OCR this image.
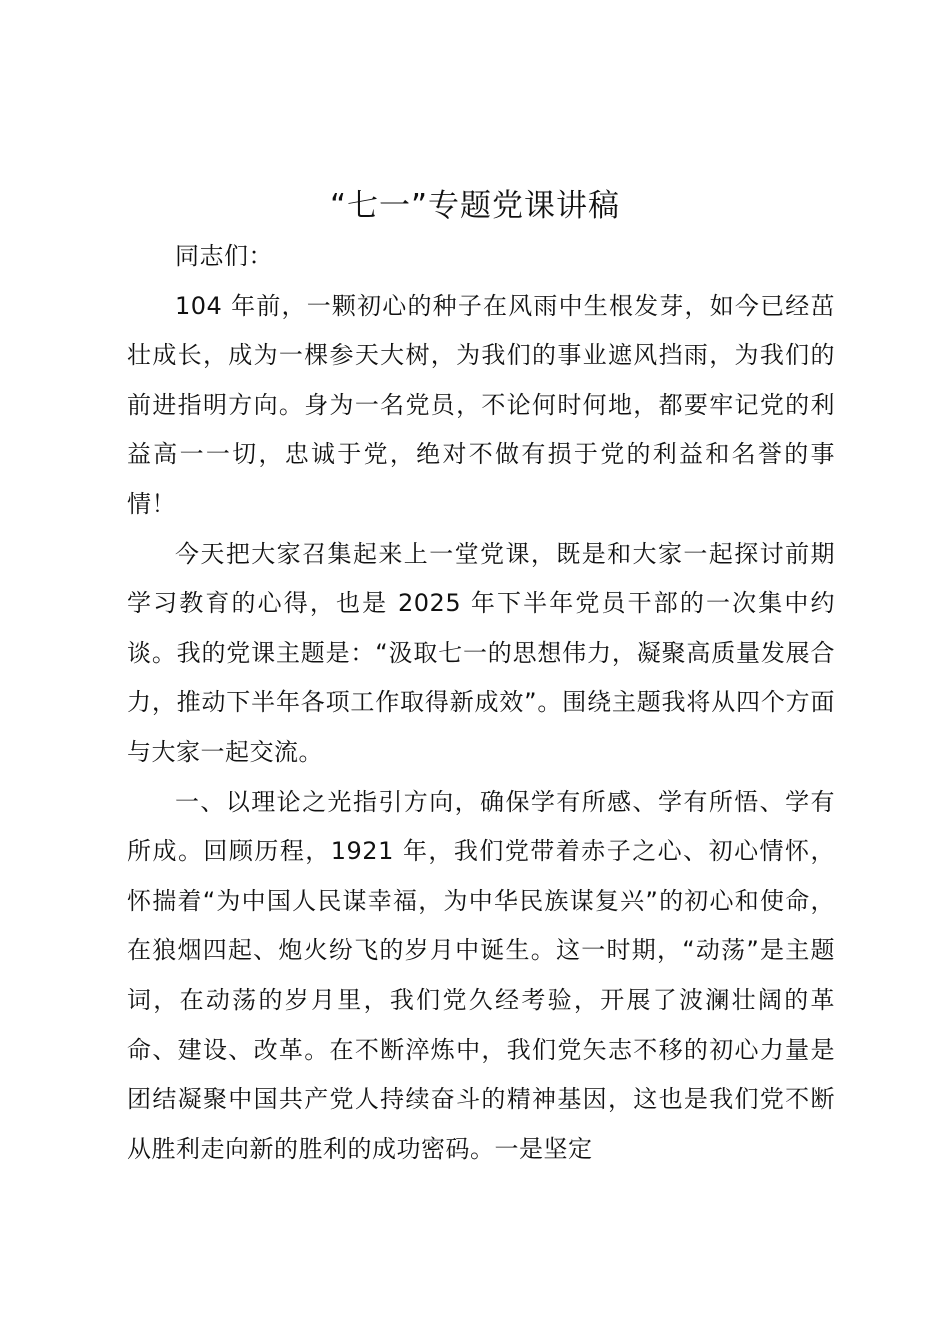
“七一”专题党课讲稿

同志们：

104 年前，一颗初心的种子在风雨中生根发芽，如今已经茁壮成长，成为一棵参天大树，为我们的事业遮风挡雨，为我们的前进指明方向。身为一名党员，不论何时何地，都要牢记党的利益高一一切，忠诚于党，绝对不做有损于党的利益和名誉的事情！

今天把大家召集起来上一堂党课，既是和大家一起探讨前期学习教育的心得，也是 2025 年下半年党员干部的一次集中约谈。我的党课主题是：“汲取七一的思想伟力，凝聚高质量发展合力，推动下半年各项工作取得新成效”。围绕主题我将从四个方面与大家一起交流。

一、以理论之光指引方向，确保学有所感、学有所悟、学有所成。回顾历程，1921 年，我们党带着赤子之心、初心情怀，怀揣着“为中国人民谋幸福，为中华民族谋复兴”的初心和使命，在狼烟四起、炮火纷飞的岁月中诞生。这一时期，“动荡”是主题词，在动荡的岁月里，我们党久经考验，开展了波澜壮阔的革命、建设、改革。在不断淬炼中，我们党矢志不移的初心力量是团结凝聚中国共产党人持续奋斗的精神基因，这也是我们党不断从胜利走向新的胜利的成功密码。一是坚定
